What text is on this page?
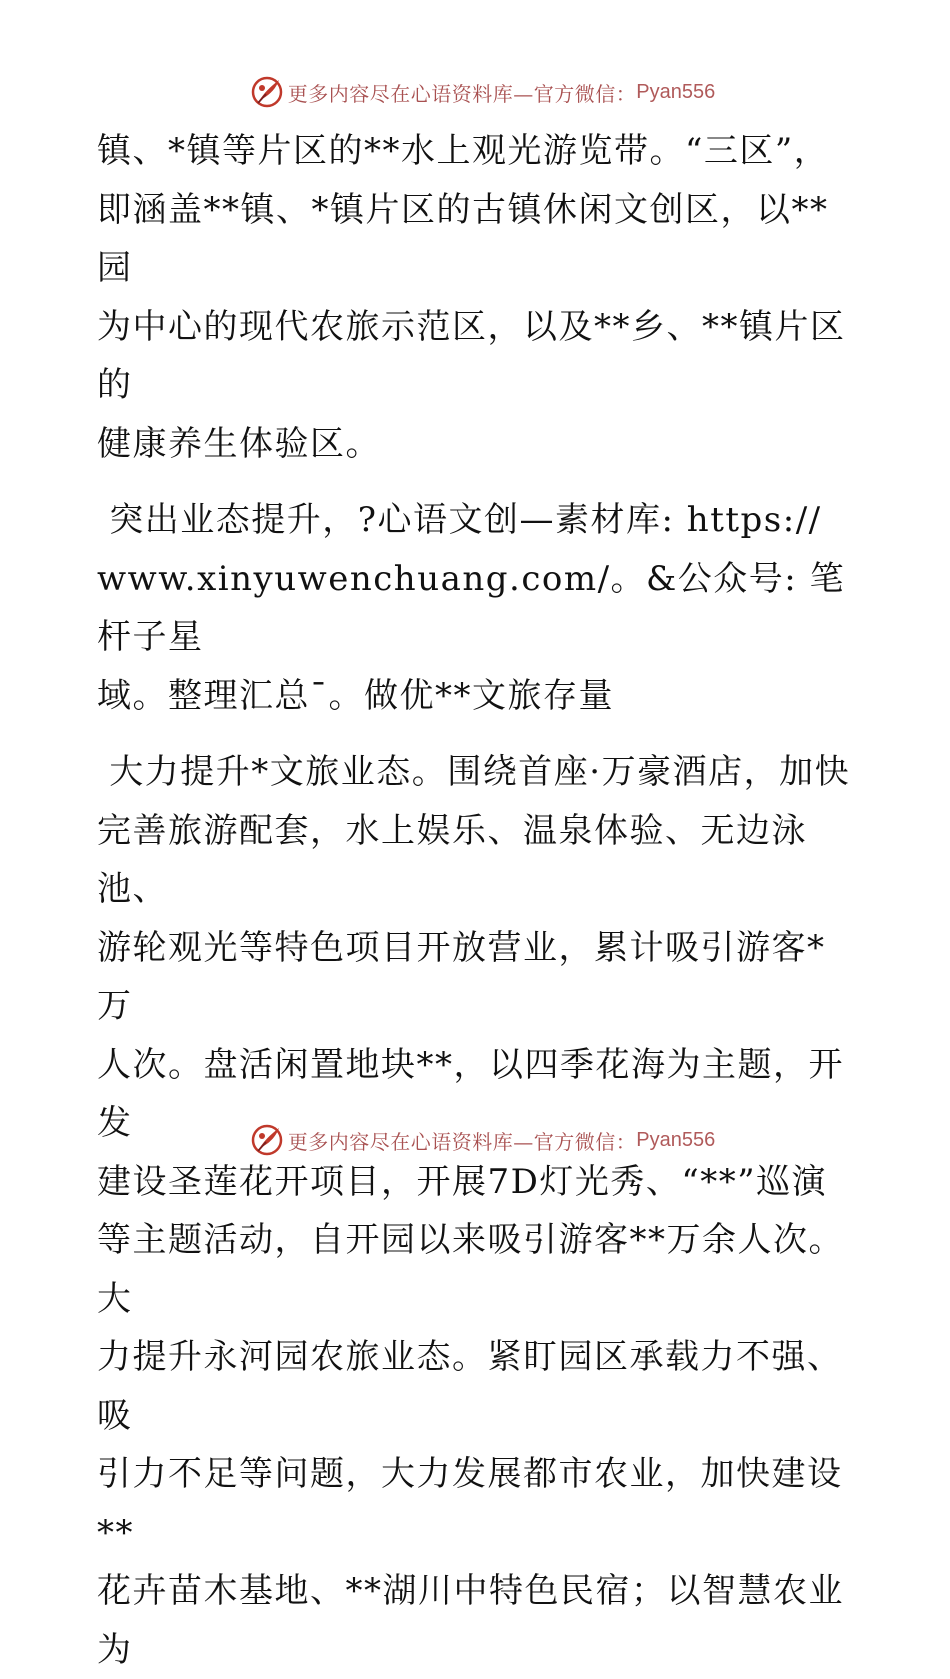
更多内容尽在心语资料库—官方微信： Pyan556

镇、*镇等片区的**水上观光游览带。“三区”，
即涵盖**镇、*镇片区的古镇休闲文创区，以**园
为中心的现代农旅示范区，以及**乡、**镇片区的
健康养生体验区。

突出业态提升，?心语文创—素材库: https://
www.xinyuwenchuang.com/。&公众号: 笔杆子星
域。整理汇总¯。做优**文旅存量

大力提升*文旅业态。围绕首座·万豪酒店，加快
完善旅游配套，水上娱乐、温泉体验、无边泳池、
游轮观光等特色项目开放营业，累计吸引游客*万
人次。盘活闲置地块**，以四季花海为主题，开发
建设圣莲花开项目，开展7D灯光秀、“**”巡演
等主题活动，自开园以来吸引游客**万余人次。大
力提升永河园农旅业态。紧盯园区承载力不强、吸
引力不足等问题，大力发展都市农业，加快建设**
花卉苗木基地、**湖川中特色民宿；以智慧农业为

更多内容尽在心语资料库—官方微信： Pyan556
